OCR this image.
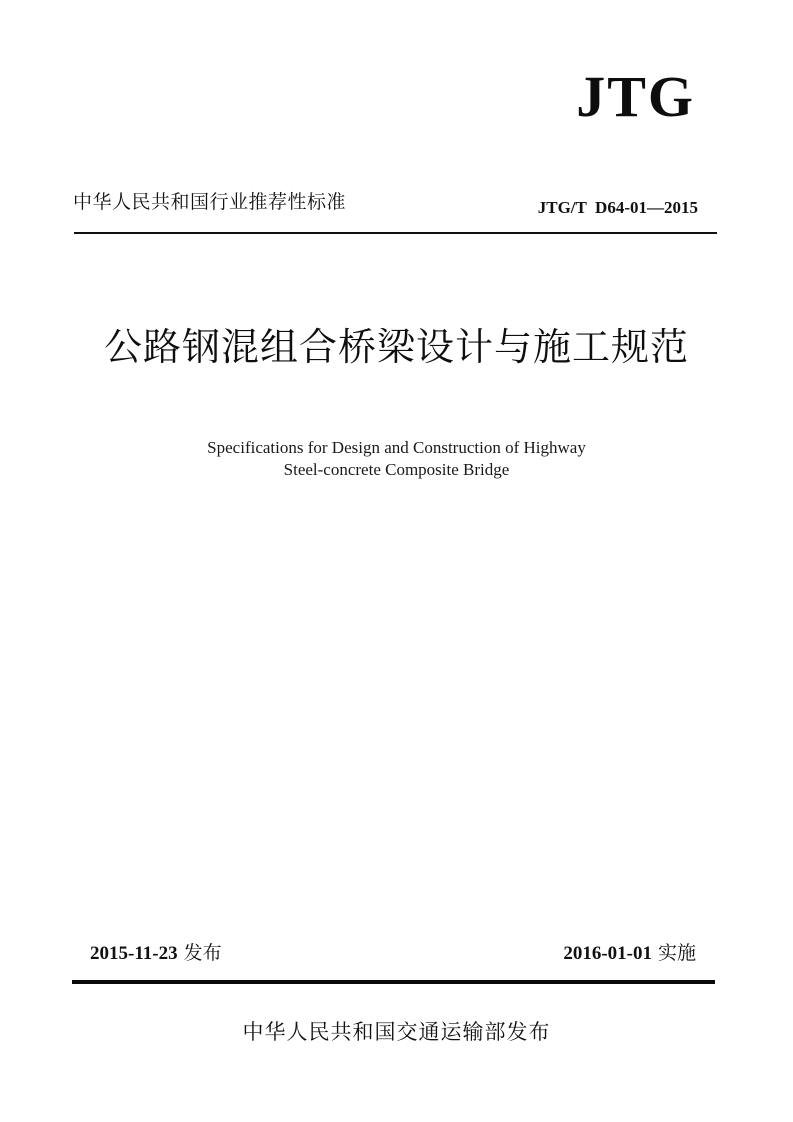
JTG
中华人民共和国行业推荐性标准	JTG/T  D64-01—2015
公路钢混组合桥梁设计与施工规范
Specifications for Design and Construction of Highway
Steel-concrete Composite Bridge
2015-11-23 发布	2016-01-01 实施
中华人民共和国交通运输部发布
